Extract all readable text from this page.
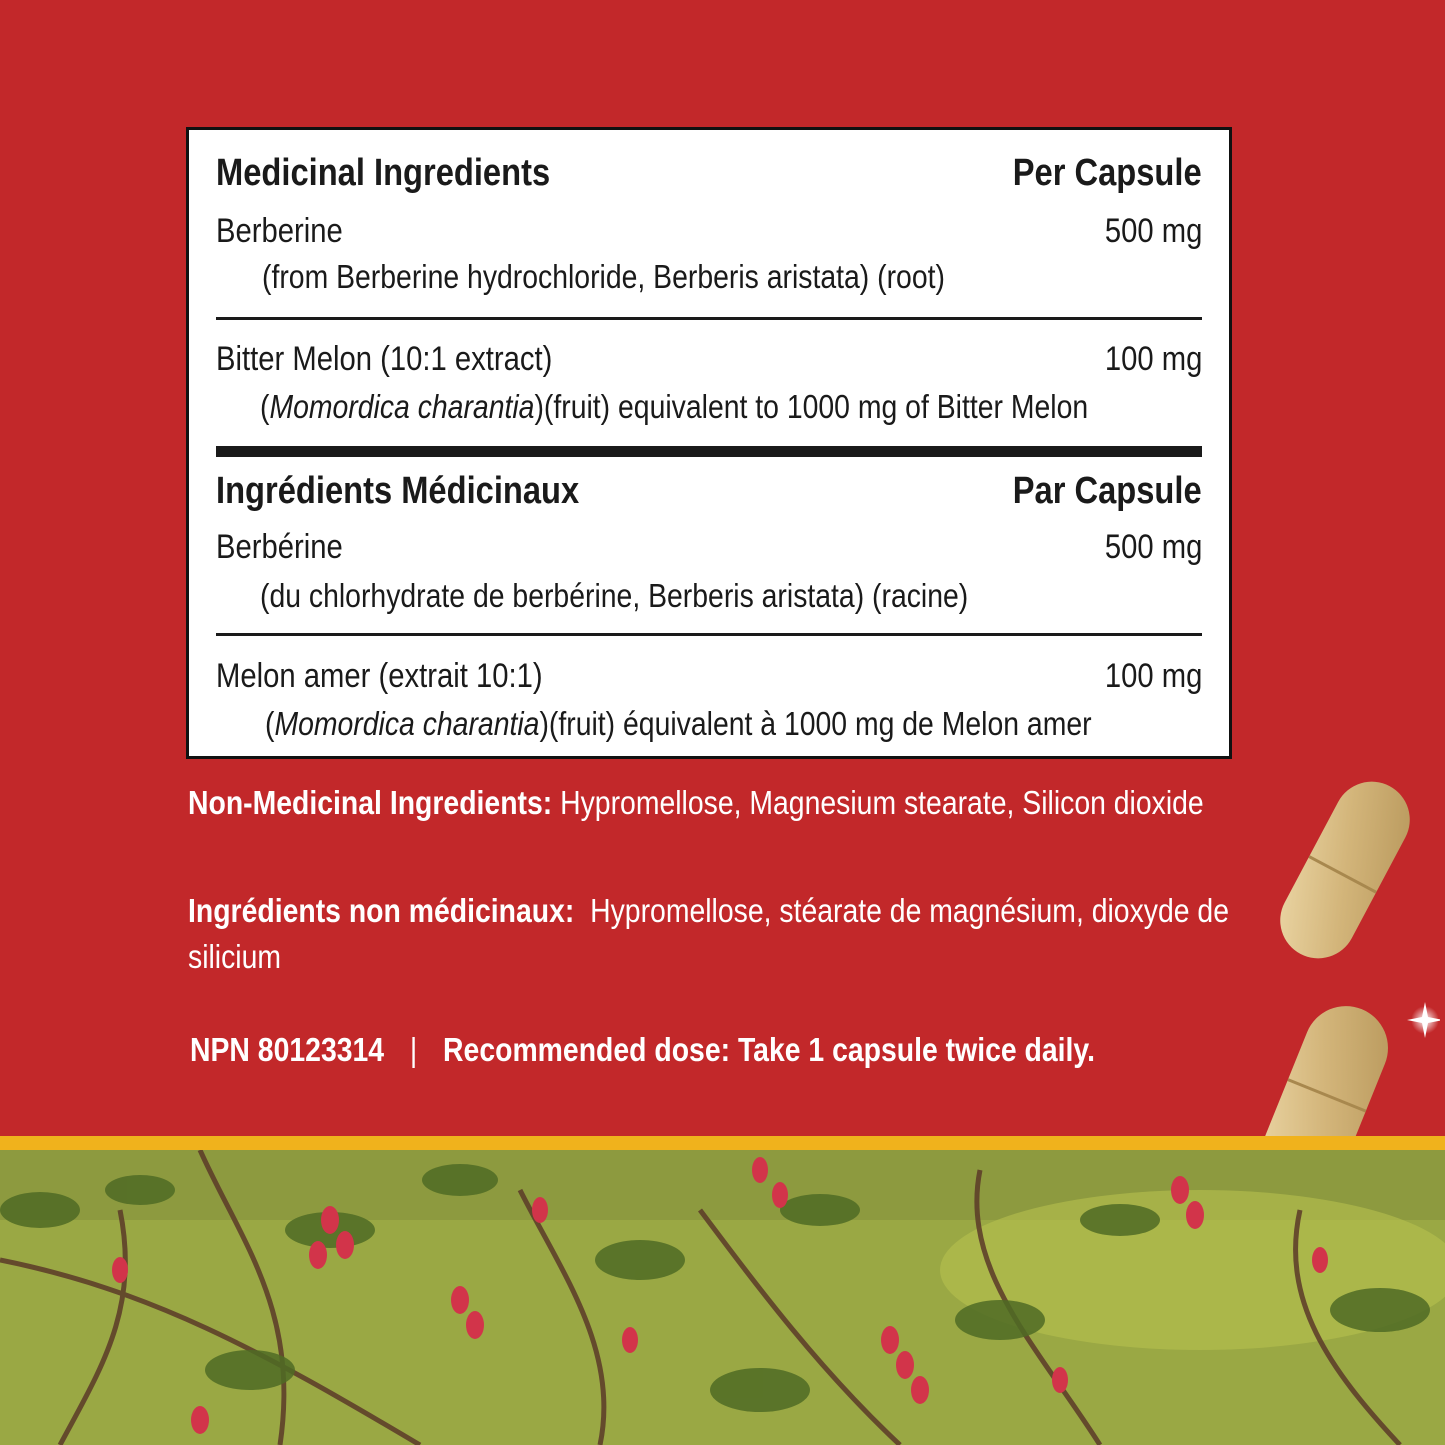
Medicinal Ingredients	Per Capsule
Berberine	500 mg
(from Berberine hydrochloride, Berberis aristata) (root)
Bitter Melon (10:1 extract)	100 mg
(Momordica charantia)(fruit) equivalent to 1000 mg of Bitter Melon
Ingrédients Médicinaux	Par Capsule
Berbérine	500 mg
(du chlorhydrate de berbérine, Berberis aristata) (racine)
Melon amer (extrait 10:1)	100 mg
(Momordica charantia)(fruit) équivalent à 1000 mg de Melon amer
Non-Medicinal Ingredients: Hypromellose, Magnesium stearate, Silicon dioxide
Ingrédients non médicinaux:  Hypromellose, stéarate de magnésium, dioxyde de silicium
NPN 80123314 | Recommended dose: Take 1 capsule twice daily.
